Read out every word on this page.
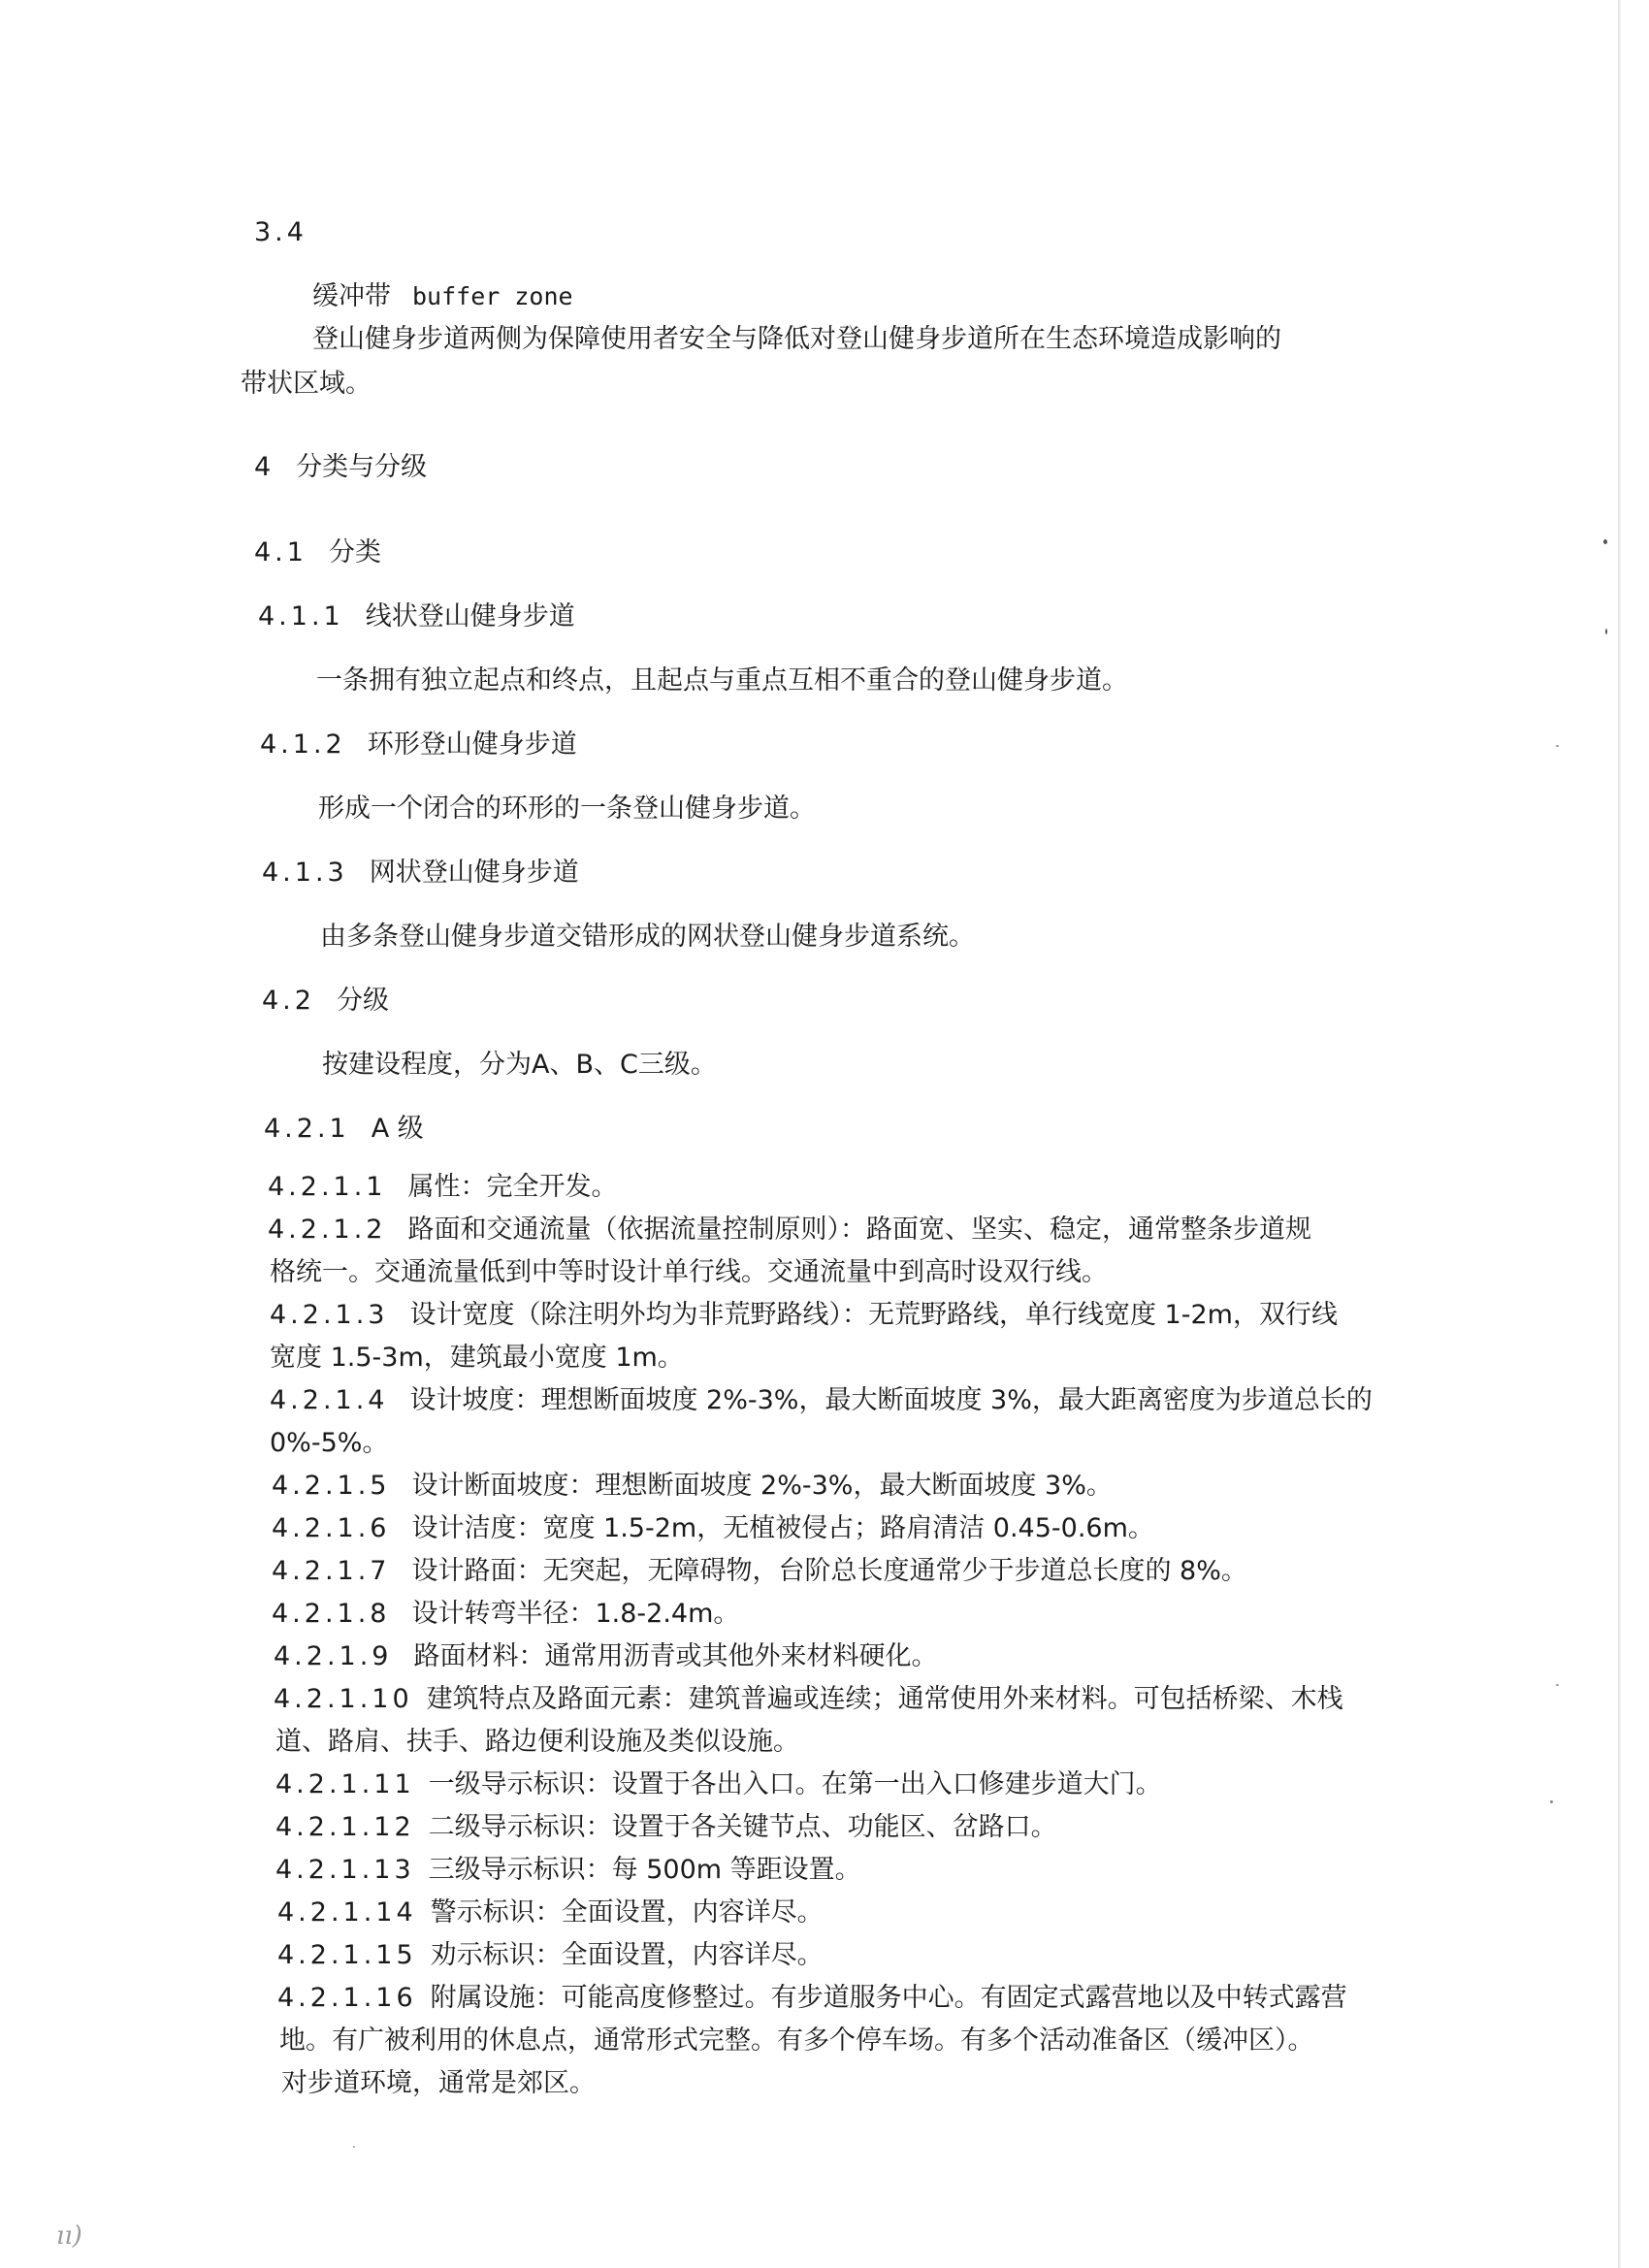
3.4
缓冲带 buffer zone
登山健身步道两侧为保障使用者安全与降低对登山健身步道所在生态环境造成影响的
带状区域。
4 分类与分级
4.1 分类
4.1.1 线状登山健身步道
一条拥有独立起点和终点，且起点与重点互相不重合的登山健身步道。
4.1.2 环形登山健身步道
形成一个闭合的环形的一条登山健身步道。
4.1.3 网状登山健身步道
由多条登山健身步道交错形成的网状登山健身步道系统。
4.2 分级
按建设程度，分为A、B、C三级。
4.2.1 A 级
4.2.1.1 属性：完全开发。
4.2.1.2 路面和交通流量（依据流量控制原则）：路面宽、坚实、稳定，通常整条步道规
格统一。交通流量低到中等时设计单行线。交通流量中到高时设双行线。
4.2.1.3 设计宽度（除注明外均为非荒野路线）：无荒野路线，单行线宽度 1-2m，双行线
宽度 1.5-3m，建筑最小宽度 1m。
4.2.1.4 设计坡度：理想断面坡度 2%-3%，最大断面坡度 3%，最大距离密度为步道总长的
0%-5%。
4.2.1.5 设计断面坡度：理想断面坡度 2%-3%，最大断面坡度 3%。
4.2.1.6 设计洁度：宽度 1.5-2m，无植被侵占；路肩清洁 0.45-0.6m。
4.2.1.7 设计路面：无突起，无障碍物，台阶总长度通常少于步道总长度的 8%。
4.2.1.8 设计转弯半径：1.8-2.4m。
4.2.1.9 路面材料：通常用沥青或其他外来材料硬化。
4.2.1.10 建筑特点及路面元素：建筑普遍或连续；通常使用外来材料。可包括桥梁、木栈
道、路肩、扶手、路边便利设施及类似设施。
4.2.1.11 一级导示标识：设置于各出入口。在第一出入口修建步道大门。
4.2.1.12 二级导示标识：设置于各关键节点、功能区、岔路口。
4.2.1.13 三级导示标识：每 500m 等距设置。
4.2.1.14 警示标识：全面设置，内容详尽。
4.2.1.15 劝示标识：全面设置，内容详尽。
4.2.1.16 附属设施：可能高度修整过。有步道服务中心。有固定式露营地以及中转式露营
地。有广被利用的休息点，通常形式完整。有多个停车场。有多个活动准备区（缓冲区）。
对步道环境，通常是郊区。
ıı)
